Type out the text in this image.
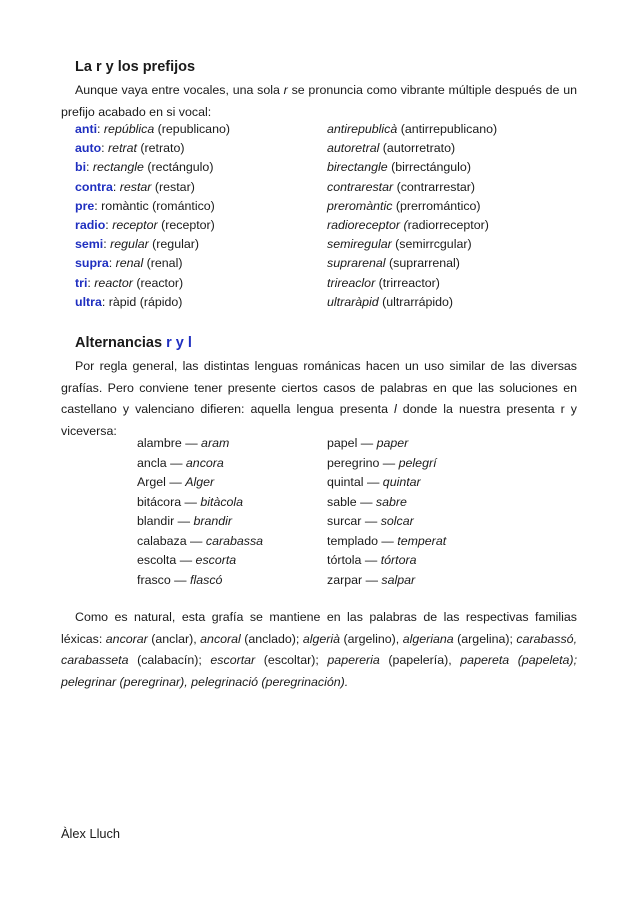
La r y los prefijos

Aunque vaya entre vocales, una sola r se pronuncia como vibrante múltiple después de un prefijo acabado en si vocal:

anti: república (republicano)
auto: retrat (retrato)
bi: rectangle (rectángulo)
contra: restar (restar)
pre: romàntic (romántico)
radio: receptor (receptor)
semi: regular (regular)
supra: renal (renal)
tri: reactor (reactor)
ultra: ràpid (rápido)
antirepublicà (antirrepublicano)
autoretral (autorretrato)
birectangle (birrectángulo)
contrarestar (contrarrestar)
preromàntic (prerromántico)
radioreceptor (radiorreceptor)
semiregular (semirrcgular)
suprarenal (suprarrenal)
trireaclor (trirreactor)
ultraràpid (ultrarrápido)
Alternancias r y l

Por regla general, las distintas lenguas románicas hacen un uso similar de las diversas grafías. Pero conviene tener presente ciertos casos de palabras en que las soluciones en castellano y valenciano difieren: aquella lengua presenta l donde la nuestra presenta r y viceversa:

alambre — aram
ancla — ancora
Argel — Alger
bitácora — bitàcola
blandir — brandir
calabaza — carabassa
escolta — escorta
frasco — flascó
papel — paper
peregrino — pelegrí
quintal — quintar
sable — sabre
surcar — solcar
templado — temperat
tórtola — tórtora
zarpar — salpar

Como es natural, esta grafía se mantiene en las palabras de las respectivas familias léxicas: ancorar (anclar), ancoral (anclado); algerià (argelino), algeriana (argelina); carabassó, carabasseta (calabacín); escortar (escoltar); papereria (papelería), papereta (papeleta); pelegrinar (peregrinar), pelegrinació (peregrinación).

Àlex Lluch
